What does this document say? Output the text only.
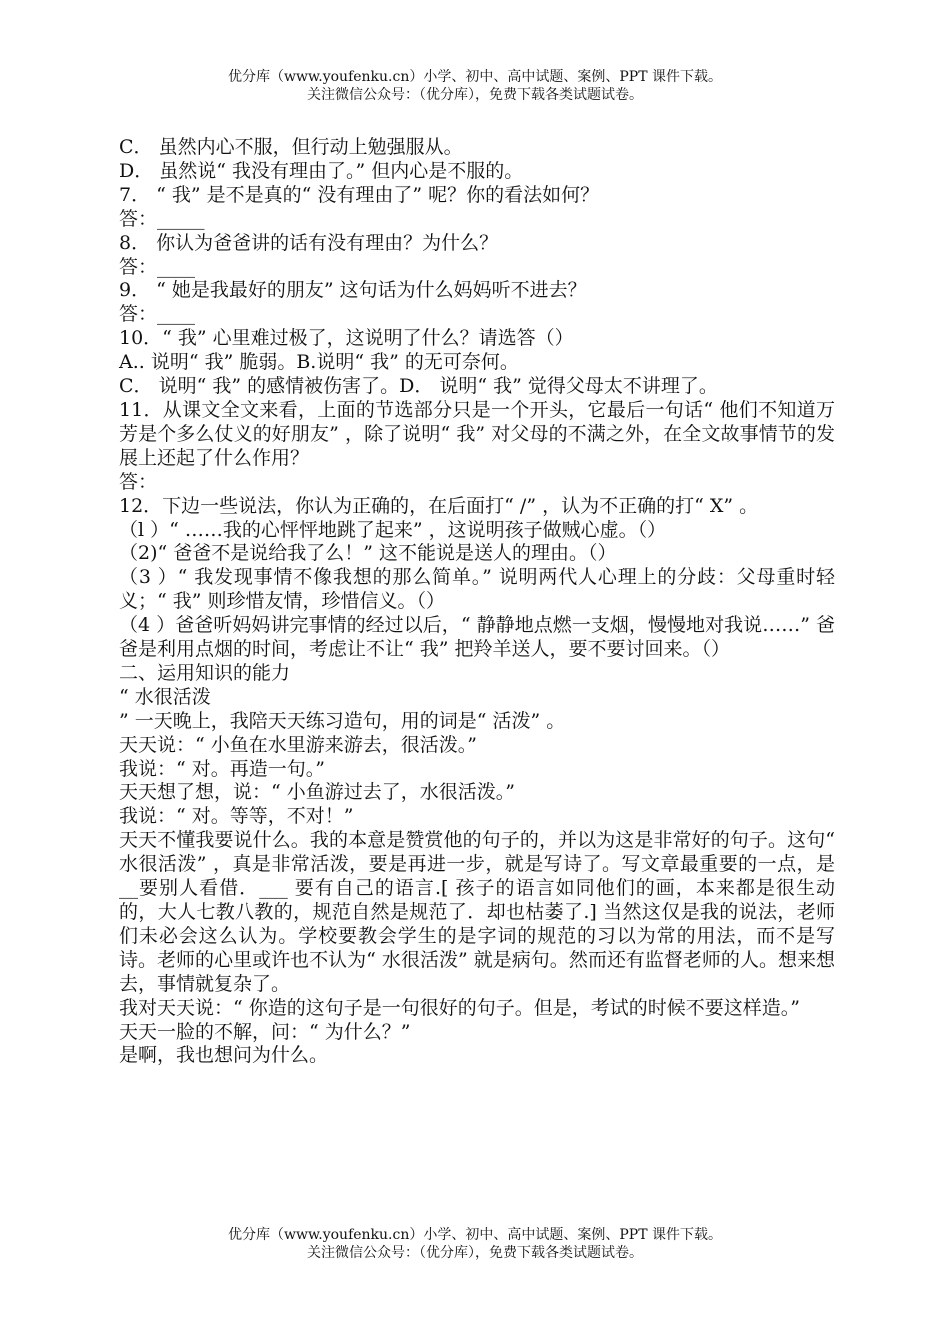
优分库（www.youfenku.cn）小学、初中、高中试题、案例、PPT 课件下载。
关注微信公众号：（优分库），免费下载各类试题试卷。
C． 虽然内心不服，但行动上勉强服从。
D． 虽然说“ 我没有理由了。” 但内心是不服的。
7． “ 我” 是不是真的“ 没有理由了” 呢？你的看法如何？
答：_____
8． 你认为爸爸讲的话有没有理由？为什么？
答：____
9． “ 她是我最好的朋友” 这句话为什么妈妈听不进去？
答：____
10．“ 我” 心里难过极了，这说明了什么？请选答（）
A.. 说明“ 我” 脆弱。B.说明“ 我” 的无可奈何。
C． 说明“ 我” 的感情被伤害了。D． 说明“ 我” 觉得父母太不讲理了。
11．从课文全文来看，上面的节选部分只是一个开头，它最后一句话“ 他们不知道万芳是个多么仗义的好朋友” ，除了说明“ 我” 对父母的不满之外，在全文故事情节的发展上还起了什么作用？
答：
12．下边一些说法，你认为正确的，在后面打“ /” ，认为不正确的打“ X” 。
（l ）“ ……我的心怦怦地跳了起来” ，这说明孩子做贼心虚。（）
（2)“ 爸爸不是说给我了么！” 这不能说是送人的理由。（）
（3 ）“ 我发现事情不像我想的那么简单。” 说明两代人心理上的分歧：父母重时轻义；“ 我” 则珍惜友情，珍惜信义。（）
（4 ）爸爸听妈妈讲完事情的经过以后，“ 静静地点燃一支烟，慢慢地对我说……” 爸爸是利用点烟的时间，考虑让不让“ 我” 把羚羊送人，要不要讨回来。（）
二、运用知识的能力
“ 水很活泼
” 一天晚上，我陪天天练习造句，用的词是“ 活泼” 。
天天说：“ 小鱼在水里游来游去，很活泼。”
我说：“ 对。再造一句。”
天天想了想，说：“ 小鱼游过去了，水很活泼。”
我说：“ 对。等等，不对！”
天天不懂我要说什么。我的本意是赞赏他的句子的，并以为这是非常好的句子。这句“ 水很活泼” ，真是非常活泼，要是再进一步，就是写诗了。写文章最重要的一点，是__要别人看借．___ 要有自己的语言.[ 孩子的语言如同他们的画，本来都是很生动的，大人七教八教的，规范自然是规范了．却也枯萎了.] 当然这仅是我的说法，老师们未必会这么认为。学校要教会学生的是字词的规范的习以为常的用法，而不是写诗。老师的心里或许也不认为“ 水很活泼” 就是病句。然而还有监督老师的人。想来想去，事情就复杂了。
我对天天说：“ 你造的这句子是一句很好的句子。但是，考试的时候不要这样造。”
天天一脸的不解，问：“ 为什么？”
是啊，我也想问为什么。
优分库（www.youfenku.cn）小学、初中、高中试题、案例、PPT 课件下载。
关注微信公众号：（优分库），免费下载各类试题试卷。
